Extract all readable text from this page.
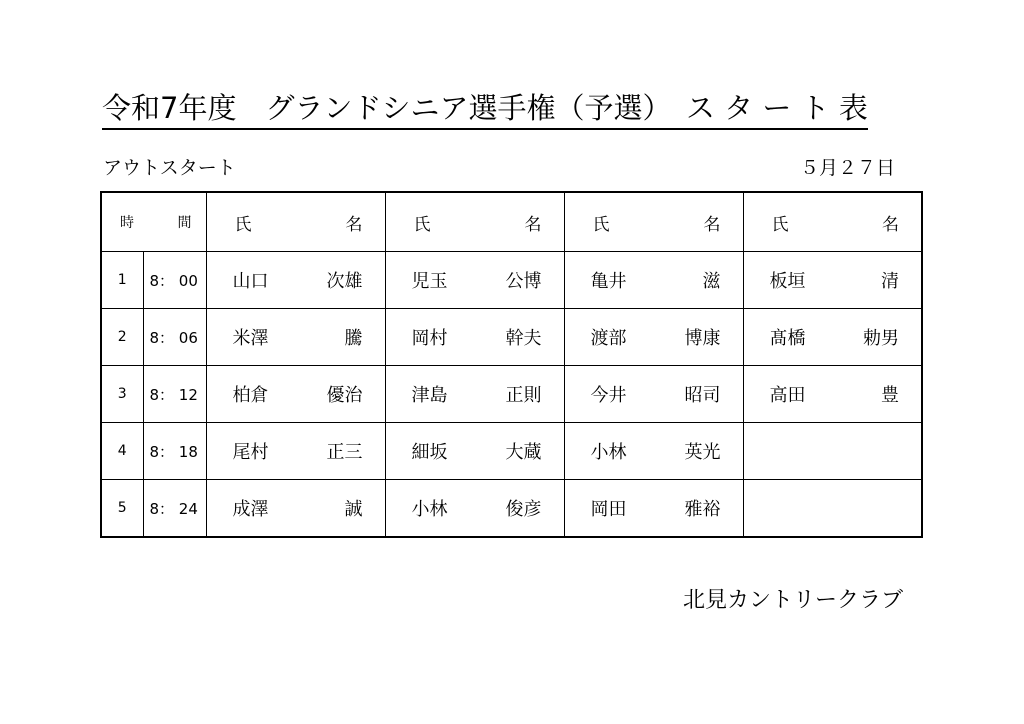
令和7年度　グランドシニア選手権（予選）　ス タ ー ト 表
アウトスタート	５月２７日
時 間		氏 名	氏 名	氏 名	氏 名

1	8： 00	山口 次雄	児玉 公博	亀井 滋	板垣 清

2	8： 06	米澤 騰	岡村 幹夫	渡部 博康	髙橋 勅男

3	8： 12	柏倉 優治	津島 正則	今井 昭司	高田 豊

4	8： 18	尾村 正三	細坂 大蔵	小林 英光	

5	8： 24	成澤 誠	小林 俊彦	岡田 雅裕	

北見カントリークラブ
